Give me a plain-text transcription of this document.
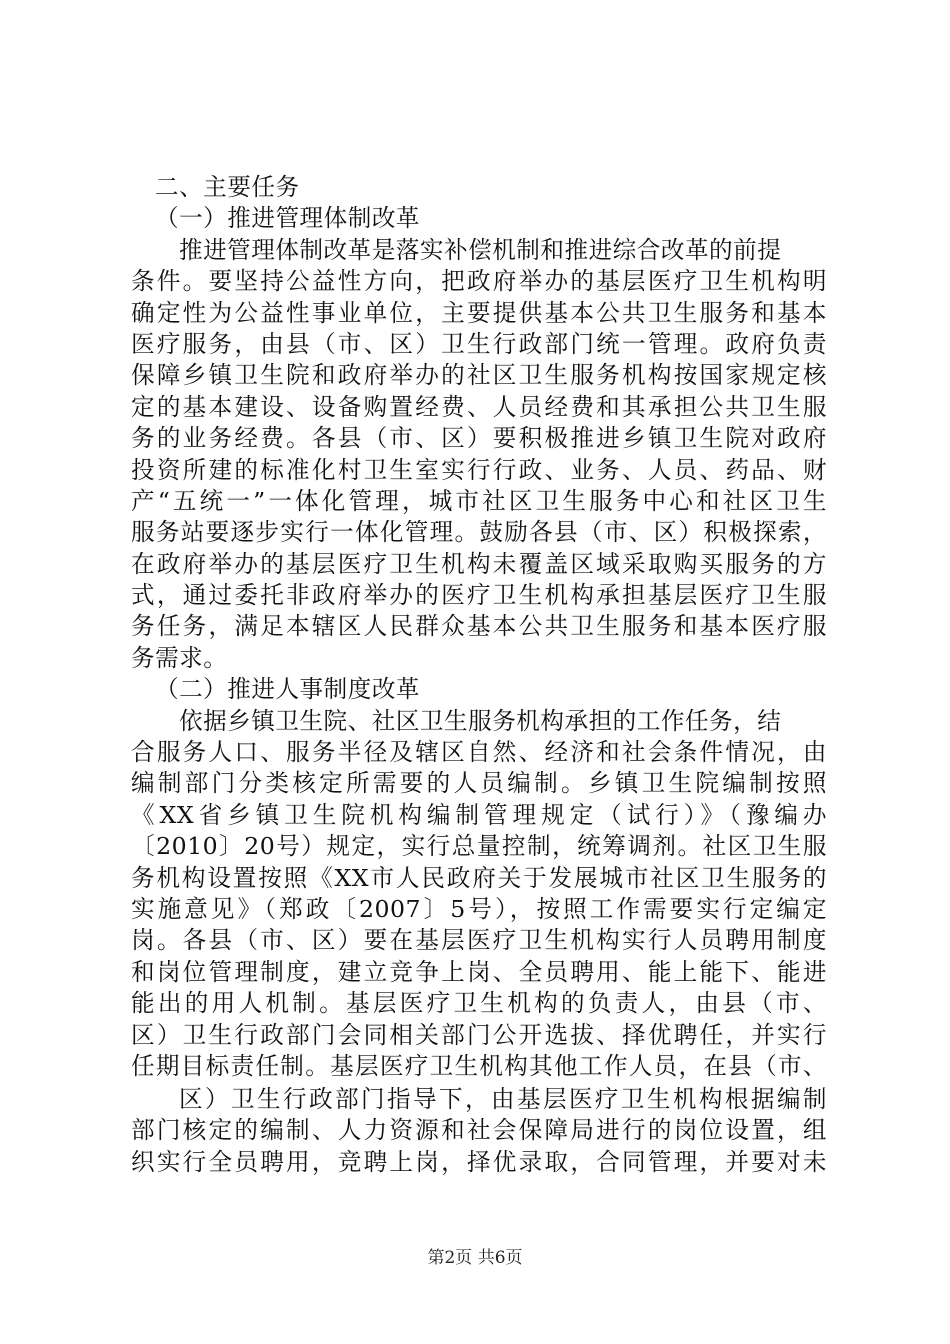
二、主要任务
（一）推进管理体制改革
推进管理体制改革是落实补偿机制和推进综合改革的前提
条件。要坚持公益性方向，把政府举办的基层医疗卫生机构明
确定性为公益性事业单位，主要提供基本公共卫生服务和基本
医疗服务，由县（市、区）卫生行政部门统一管理。政府负责
保障乡镇卫生院和政府举办的社区卫生服务机构按国家规定核
定的基本建设、设备购置经费、人员经费和其承担公共卫生服
务的业务经费。各县（市、区）要积极推进乡镇卫生院对政府
投资所建的标准化村卫生室实行行政、业务、人员、药品、财
产“五统一”一体化管理，城市社区卫生服务中心和社区卫生
服务站要逐步实行一体化管理。鼓励各县（市、区）积极探索，
在政府举办的基层医疗卫生机构未覆盖区域采取购买服务的方
式，通过委托非政府举办的医疗卫生机构承担基层医疗卫生服
务任务，满足本辖区人民群众基本公共卫生服务和基本医疗服
务需求。
（二）推进人事制度改革
依据乡镇卫生院、社区卫生服务机构承担的工作任务，结
合服务人口、服务半径及辖区自然、经济和社会条件情况，由
编制部门分类核定所需要的人员编制。乡镇卫生院编制按照
《XX省乡镇卫生院机构编制管理规定（试行）》（豫编办
〔2010〕20号）规定，实行总量控制，统筹调剂。社区卫生服
务机构设置按照《XX市人民政府关于发展城市社区卫生服务的
实施意见》（郑政〔2007〕5号），按照工作需要实行定编定
岗。各县（市、区）要在基层医疗卫生机构实行人员聘用制度
和岗位管理制度，建立竞争上岗、全员聘用、能上能下、能进
能出的用人机制。基层医疗卫生机构的负责人，由县（市、
区）卫生行政部门会同相关部门公开选拔、择优聘任，并实行
任期目标责任制。基层医疗卫生机构其他工作人员，在县（市、
区）卫生行政部门指导下，由基层医疗卫生机构根据编制
部门核定的编制、人力资源和社会保障局进行的岗位设置，组
织实行全员聘用，竞聘上岗，择优录取，合同管理，并要对未
第2页 共6页
